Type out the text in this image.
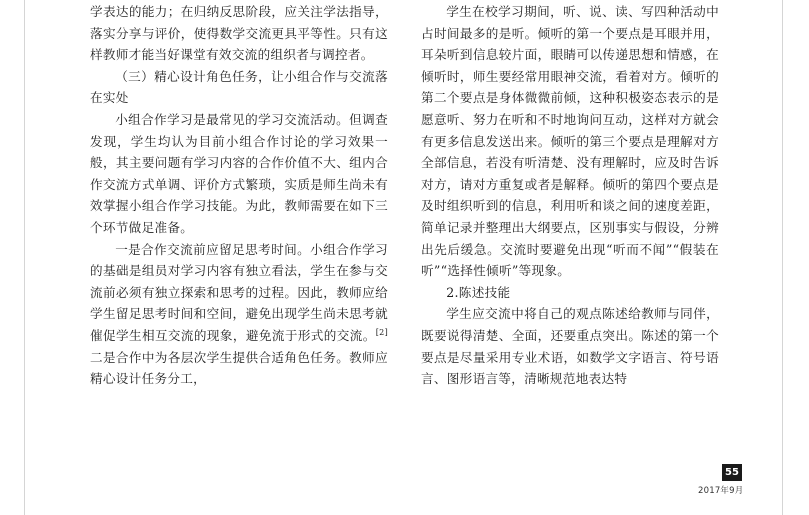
学表达的能力；在归纳反思阶段，应关注学法指导，落实分享与评价，使得数学交流更具平等性。只有这样教师才能当好课堂有效交流的组织者与调控者。

（三）精心设计角色任务，让小组合作与交流落在实处

小组合作学习是最常见的学习交流活动。但调查发现，学生均认为目前小组合作讨论的学习效果一般，其主要问题有学习内容的合作价值不大、组内合作交流方式单调、评价方式繁琐，实质是师生尚未有效掌握小组合作学习技能。为此，教师需要在如下三个环节做足准备。

一是合作交流前应留足思考时间。小组合作学习的基础是组员对学习内容有独立看法，学生在参与交流前必须有独立探索和思考的过程。因此，教师应给学生留足思考时间和空间，避免出现学生尚未思考就催促学生相互交流的现象，避免流于形式的交流。[2]二是合作中为各层次学生提供合适角色任务。教师应精心设计任务分工，

学生在校学习期间，听、说、读、写四种活动中占时间最多的是听。倾听的第一个要点是耳眼并用，耳朵听到信息较片面，眼睛可以传递思想和情感，在倾听时，师生要经常用眼神交流，看着对方。倾听的第二个要点是身体微微前倾，这种积极姿态表示的是愿意听、努力在听和不时地询问互动，这样对方就会有更多信息发送出来。倾听的第三个要点是理解对方全部信息，若没有听清楚、没有理解时，应及时告诉对方，请对方重复或者是解释。倾听的第四个要点是及时组织听到的信息，利用听和谈之间的速度差距，简单记录并整理出大纲要点，区别事实与假设，分辨出先后缓急。交流时要避免出现“听而不闻”“假装在听”“选择性倾听”等现象。

2.陈述技能

学生应交流中将自己的观点陈述给教师与同伴，既要说得清楚、全面，还要重点突出。陈述的第一个要点是尽量采用专业术语，如数学文字语言、符号语言、图形语言等，清晰规范地表达特

55
2017年9月
